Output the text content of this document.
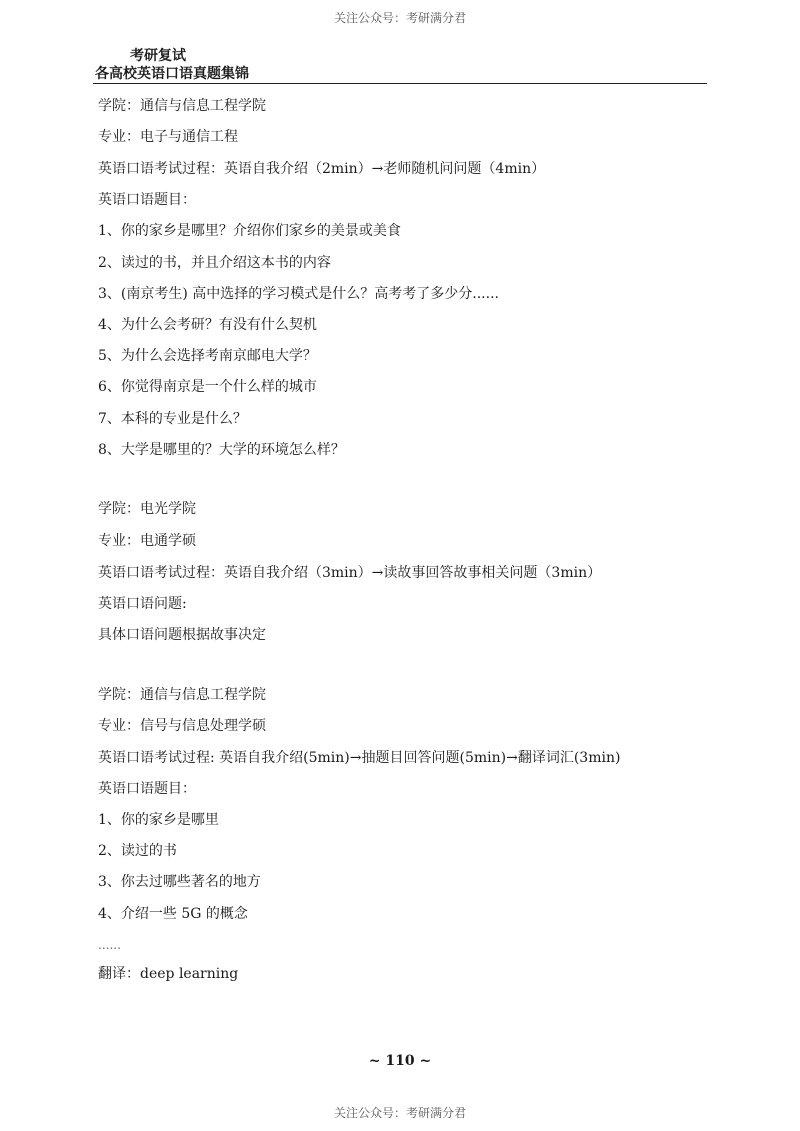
关注公众号：考研满分君
考研复试
各高校英语口语真题集锦
学院：通信与信息工程学院
专业：电子与通信工程
英语口语考试过程：英语自我介绍（2min）→老师随机问问题（4min）
英语口语题目：
1、你的家乡是哪里？介绍你们家乡的美景或美食
2、读过的书，并且介绍这本书的内容
3、(南京考生) 高中选择的学习模式是什么？高考考了多少分......
4、为什么会考研？有没有什么契机
5、为什么会选择考南京邮电大学？
6、你觉得南京是一个什么样的城市
7、本科的专业是什么？
8、大学是哪里的？大学的环境怎么样？
学院：电光学院
专业：电通学硕
英语口语考试过程：英语自我介绍（3min）→读故事回答故事相关问题（3min）
英语口语问题:
具体口语问题根据故事决定
学院：通信与信息工程学院
专业：信号与信息处理学硕
英语口语考试过程: 英语自我介绍(5min)→抽题目回答问题(5min)→翻译词汇(3min)
英语口语题目：
1、你的家乡是哪里
2、读过的书
3、你去过哪些著名的地方
4、介绍一些 5G 的概念
......
翻译：deep learning
~ 110 ~
关注公众号：考研满分君
